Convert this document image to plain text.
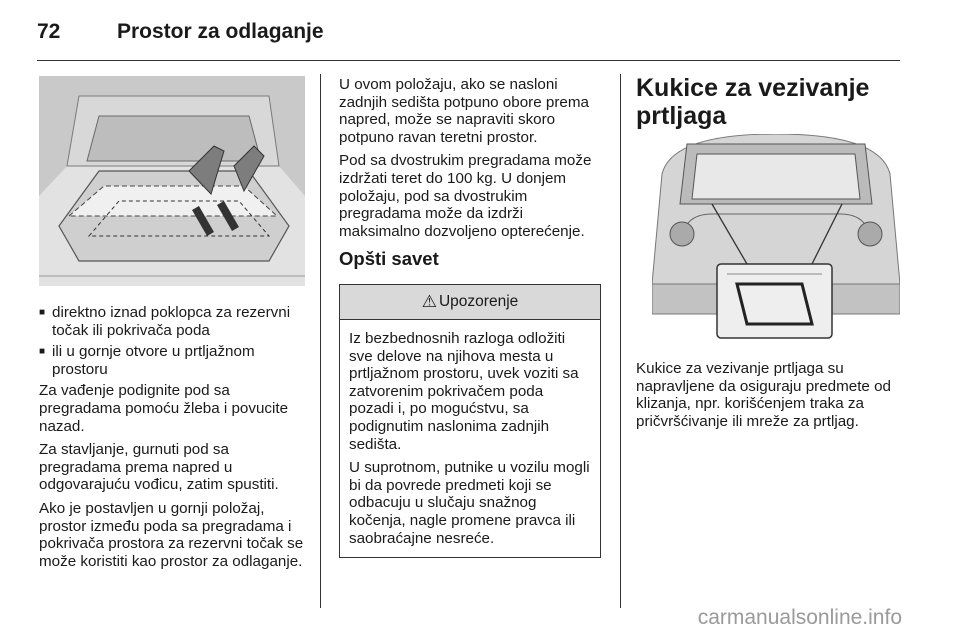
72	Prostor za odlaganje
■ direktno iznad poklopca za rezervni točak ili pokrivača poda
■ ili u gornje otvore u prtljažnom prostoru

Za vađenje podignite pod sa pregradama pomoću žleba i povucite nazad.

Za stavljanje, gurnuti pod sa pregradama prema napred u odgovarajuću vođicu, zatim spustiti.

Ako je postavljen u gornji položaj, prostor između poda sa pregradama i pokrivača prostora za rezervni točak se može koristiti kao prostor za odlaganje.

U ovom položaju, ako se nasloni zadnjih sedišta potpuno obore prema napred, može se napraviti skoro potpuno ravan teretni prostor.

Pod sa dvostrukim pregradama može izdržati teret do 100 kg. U donjem položaju, pod sa dvostrukim pregradama može da izdrži maksimalno dozvoljeno opterećenje.

Opšti savet
⚠ Upozorenje

Iz bezbednosnih razloga odložiti sve delove na njihova mesta u prtljažnom prostoru, uvek voziti sa zatvorenim pokrivačem poda pozadi i, po mogućstvu, sa podignutim naslonima zadnjih sedišta.

U suprotnom, putnike u vozilu mogli bi da povrede predmeti koji se odbacuju u slučaju snažnog kočenja, nagle promene pravca ili saobraćajne nesreće.

Kukice za vezivanje prtljaga

Kukice za vezivanje prtljaga su napravljene da osiguraju predmete od klizanja, npr. korišćenjem traka za pričvršćivanje ili mreže za prtljag.

carmanualsonline.info
